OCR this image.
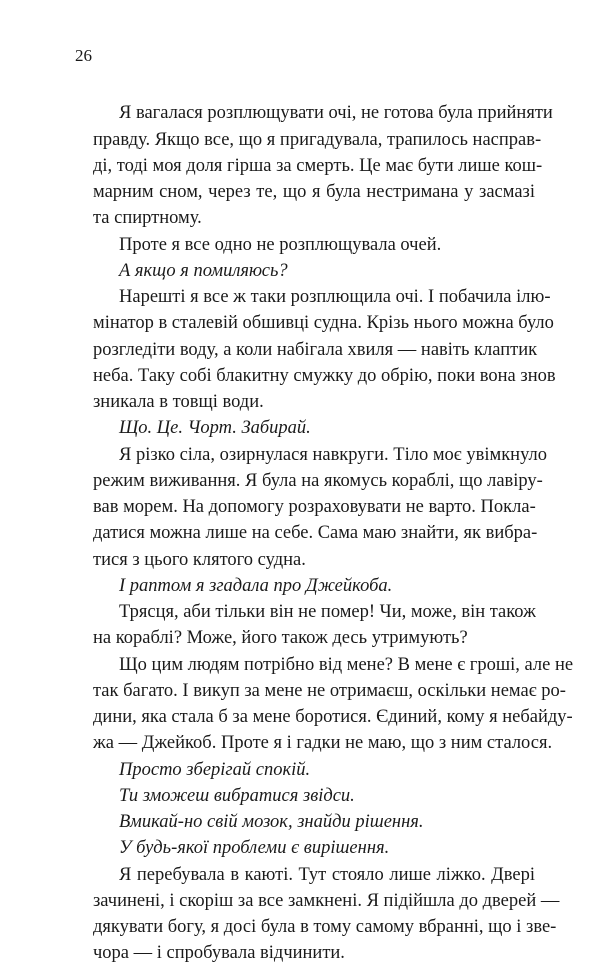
26
Я вагалася розплющувати очі, не готова була прийняти
правду. Якщо все, що я пригадувала, трапилось насправ-
ді, тоді моя доля гірша за смерть. Це має бути лише кош-
марним сном, через те, що я була нестримана у засмазі
та спиртному.
Проте я все одно не розплющувала очей.
А якщо я помиляюсь?
Нарешті я все ж таки розплющила очі. І побачила ілю-
мінатор в сталевій обшивці судна. Крізь нього можна було
розгледіти воду, а коли набігала хвиля — навіть клаптик
неба. Таку собі блакитну смужку до обрію, поки вона знов
зникала в товщі води.
Що. Це. Чорт. Забирай.
Я різко сіла, озирнулася навкруги. Тіло моє увімкнуло
режим виживання. Я була на якомусь кораблі, що лавіру-
вав морем. На допомогу розраховувати не варто. Покла-
датися можна лише на себе. Сама маю знайти, як вибра-
тися з цього клятого судна.
І раптом я згадала про Джейкоба.
Трясця, аби тільки він не помер! Чи, може, він також
на кораблі? Може, його також десь утримують?
Що цим людям потрібно від мене? В мене є гроші, але не
так багато. І викуп за мене не отримаєш, оскільки немає ро-
дини, яка стала б за мене боротися. Єдиний, кому я небайду-
жа — Джейкоб. Проте я і гадки не маю, що з ним сталося.
Просто зберігай спокій.
Ти зможеш вибратися звідси.
Вмикай-но свій мозок, знайди рішення.
У будь-якої проблеми є вирішення.
Я перебувала в каюті. Тут стояло лише ліжко. Двері
зачинені, і скоріш за все замкнені. Я підійшла до дверей —
дякувати богу, я досі була в тому самому вбранні, що і зве-
чора — і спробувала відчинити.
